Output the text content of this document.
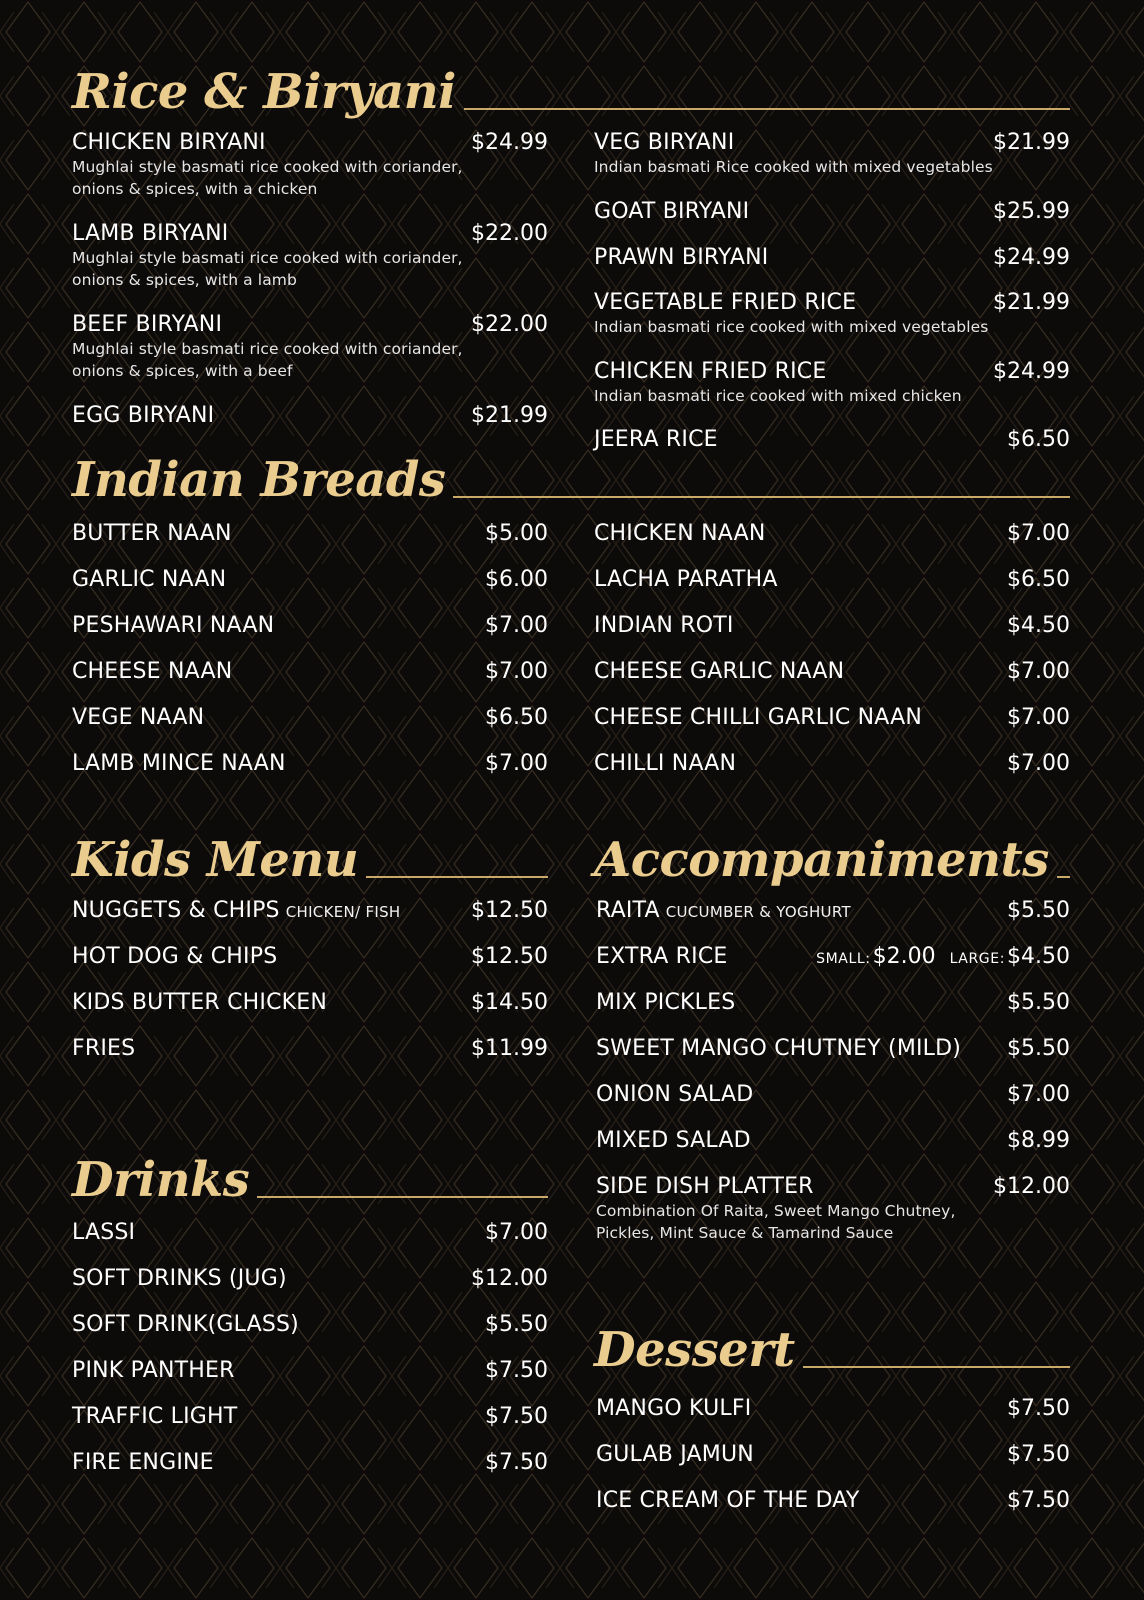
Rice & Biryani
CHICKEN BIRYANI	$24.99
Mughlai style basmati rice cooked with coriander,
onions & spices, with a chicken
LAMB BIRYANI	$22.00
Mughlai style basmati rice cooked with coriander,
onions & spices, with a lamb
BEEF BIRYANI	$22.00
Mughlai style basmati rice cooked with coriander,
onions & spices, with a beef
EGG BIRYANI	$21.99
VEG BIRYANI	$21.99
Indian basmati Rice cooked with mixed vegetables
GOAT BIRYANI	$25.99
PRAWN BIRYANI	$24.99
VEGETABLE FRIED RICE	$21.99
Indian basmati rice cooked with mixed vegetables
CHICKEN FRIED RICE	$24.99
Indian basmati rice cooked with mixed chicken
JEERA RICE	$6.50
Indian Breads
BUTTER NAAN	$5.00
GARLIC NAAN	$6.00
PESHAWARI NAAN	$7.00
CHEESE NAAN	$7.00
VEGE NAAN	$6.50
LAMB MINCE NAAN	$7.00
CHICKEN NAAN	$7.00
LACHA PARATHA	$6.50
INDIAN ROTI	$4.50
CHEESE GARLIC NAAN	$7.00
CHEESE CHILLI GARLIC NAAN	$7.00
CHILLI NAAN	$7.00
Kids Menu
NUGGETS & CHIPS CHICKEN/ FISH	$12.50
HOT DOG & CHIPS	$12.50
KIDS BUTTER CHICKEN	$14.50
FRIES	$11.99
Accompaniments
RAITA CUCUMBER & YOGHURT	$5.50
EXTRA RICE	SMALL:$2.00 LARGE:$4.50
MIX PICKLES	$5.50
SWEET MANGO CHUTNEY (MILD) $5.50
ONION SALAD	$7.00
MIXED SALAD	$8.99
SIDE DISH PLATTER	$12.00
Combination Of Raita, Sweet Mango Chutney,
Pickles, Mint Sauce & Tamarind Sauce
Drinks
LASSI	$7.00
SOFT DRINKS (JUG)	$12.00
SOFT DRINK(GLASS)	$5.50
PINK PANTHER	$7.50
TRAFFIC LIGHT	$7.50
FIRE ENGINE	$7.50
Dessert
MANGO KULFI	$7.50
GULAB JAMUN	$7.50
ICE CREAM OF THE DAY	$7.50
